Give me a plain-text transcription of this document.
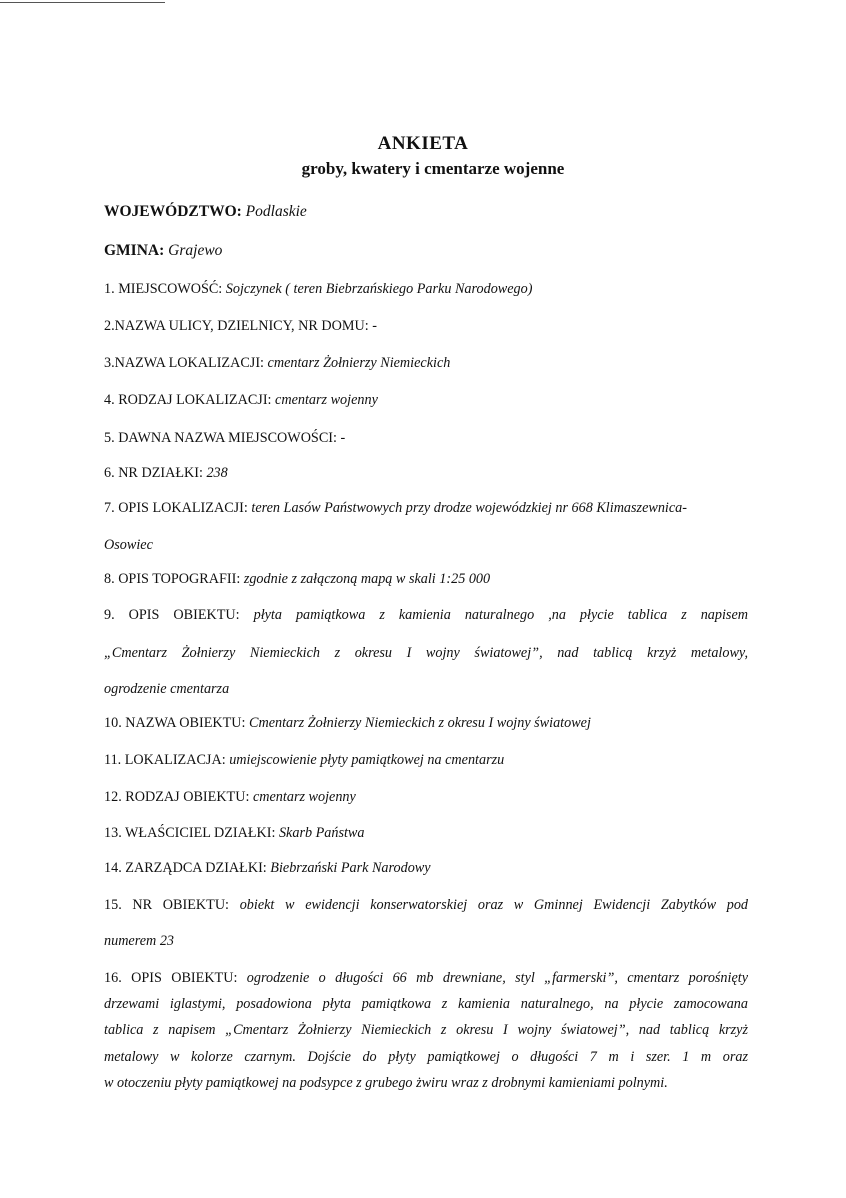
ANKIETA
groby, kwatery i cmentarze wojenne
WOJEWÓDZTWO: Podlaskie
GMINA: Grajewo
1. MIEJSCOWOŚĆ: Sojczynek ( teren Biebrzańskiego Parku Narodowego)
2.NAZWA ULICY, DZIELNICY, NR DOMU: -
3.NAZWA LOKALIZACJI: cmentarz Żołnierzy Niemieckich
4. RODZAJ LOKALIZACJI: cmentarz wojenny
5. DAWNA NAZWA MIEJSCOWOŚCI: -
6. NR DZIAŁKI: 238
7. OPIS LOKALIZACJI: teren Lasów Państwowych przy drodze wojewódzkiej nr 668 Klimaszewnica-
Osowiec
8. OPIS TOPOGRAFII: zgodnie z załączoną mapą w skali 1:25 000
9. OPIS OBIEKTU: płyta pamiątkowa z kamienia naturalnego ,na płycie tablica z napisem
„Cmentarz Żołnierzy Niemieckich z okresu I wojny światowej”, nad tablicą krzyż metalowy,
ogrodzenie cmentarza
10. NAZWA OBIEKTU: Cmentarz Żołnierzy Niemieckich z okresu I wojny światowej
11. LOKALIZACJA: umiejscowienie płyty pamiątkowej na cmentarzu
12. RODZAJ OBIEKTU: cmentarz wojenny
13. WŁAŚCICIEL DZIAŁKI: Skarb Państwa
14. ZARZĄDCA DZIAŁKI: Biebrzański Park Narodowy
15. NR OBIEKTU: obiekt w ewidencji konserwatorskiej oraz w Gminnej Ewidencji Zabytków pod
numerem 23
16. OPIS OBIEKTU: ogrodzenie o długości 66 mb drewniane, styl „farmerski”, cmentarz porośnięty
drzewami iglastymi, posadowiona płyta pamiątkowa z kamienia naturalnego, na płycie zamocowana
tablica z napisem „Cmentarz Żołnierzy Niemieckich z okresu I wojny światowej”, nad tablicą krzyż
metalowy w kolorze czarnym. Dojście do płyty pamiątkowej o długości 7 m i szer. 1 m oraz
w otoczeniu płyty pamiątkowej na podsypce z grubego żwiru wraz z drobnymi kamieniami polnymi.
